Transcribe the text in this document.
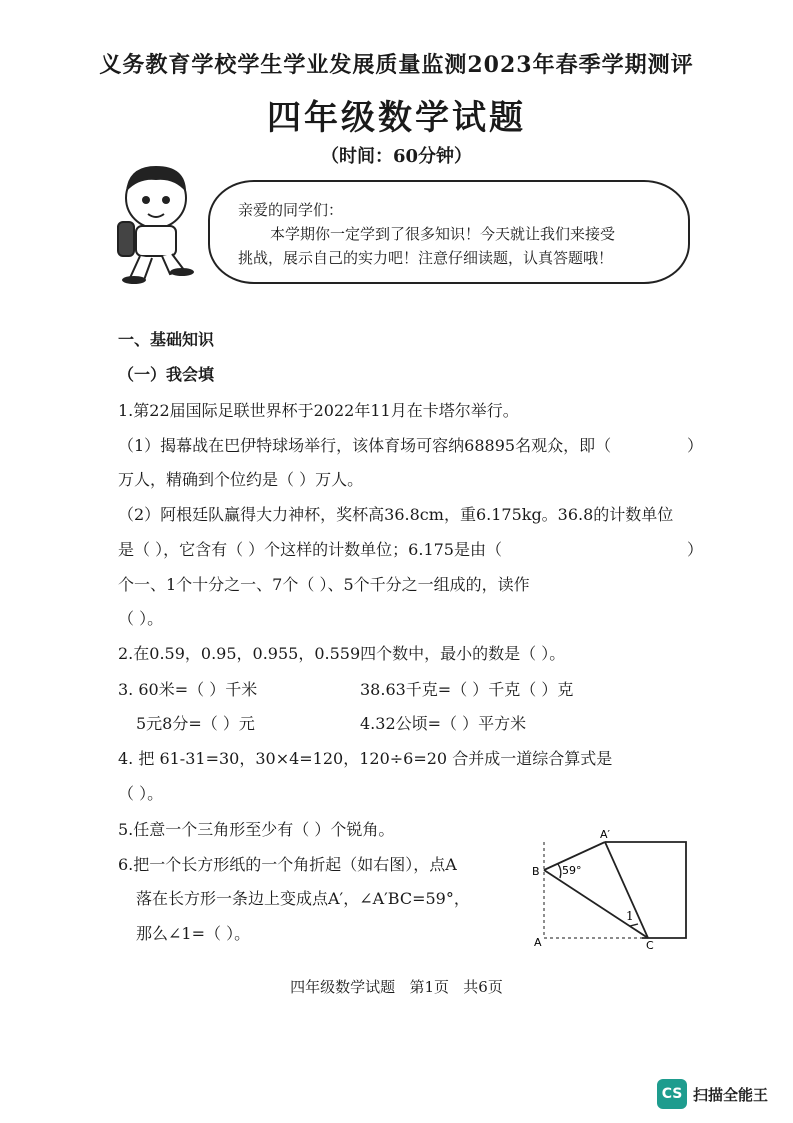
义务教育学校学生学业发展质量监测2023年春季学期测评
四年级数学试题
（时间：60分钟）
亲爱的同学们：
本学期你一定学到了很多知识！今天就让我们来接受
挑战，展示自己的实力吧！注意仔细读题，认真答题哦！
一、基础知识
（一）我会填
1.第22届国际足联世界杯于2022年11月在卡塔尔举行。
（1）揭幕战在巴伊特球场举行，该体育场可容纳68895名观众，即（	）
万人，精确到个位约是（ ）万人。
（2）阿根廷队赢得大力神杯，奖杯高36.8cm，重6.175kg。36.8的计数单位
是（ ），它含有（ ）个这样的计数单位；6.175是由（	）
个一、1个十分之一、7个（ ）、5个千分之一组成的，读作
（ ）。
2.在0.59，0.95，0.955，0.559四个数中，最小的数是（ ）。
3. 60米=（ ）千米	38.63千克=（ ）千克（ ）克
5元8分=（ ）元	4.32公顷=（ ）平方米
4. 把 61-31=30，30×4=120，120÷6=20 合并成一道综合算式是
（ ）。
5.任意一个三角形至少有（ ）个锐角。
6.把一个长方形纸的一个角折起（如右图），点A
落在长方形一条边上变成点A′，∠A′BC=59°，
那么∠1=（ ）。
A′
B
A	C
59°
1
四年级数学试题   第1页   共6页
CS 扫描全能王
